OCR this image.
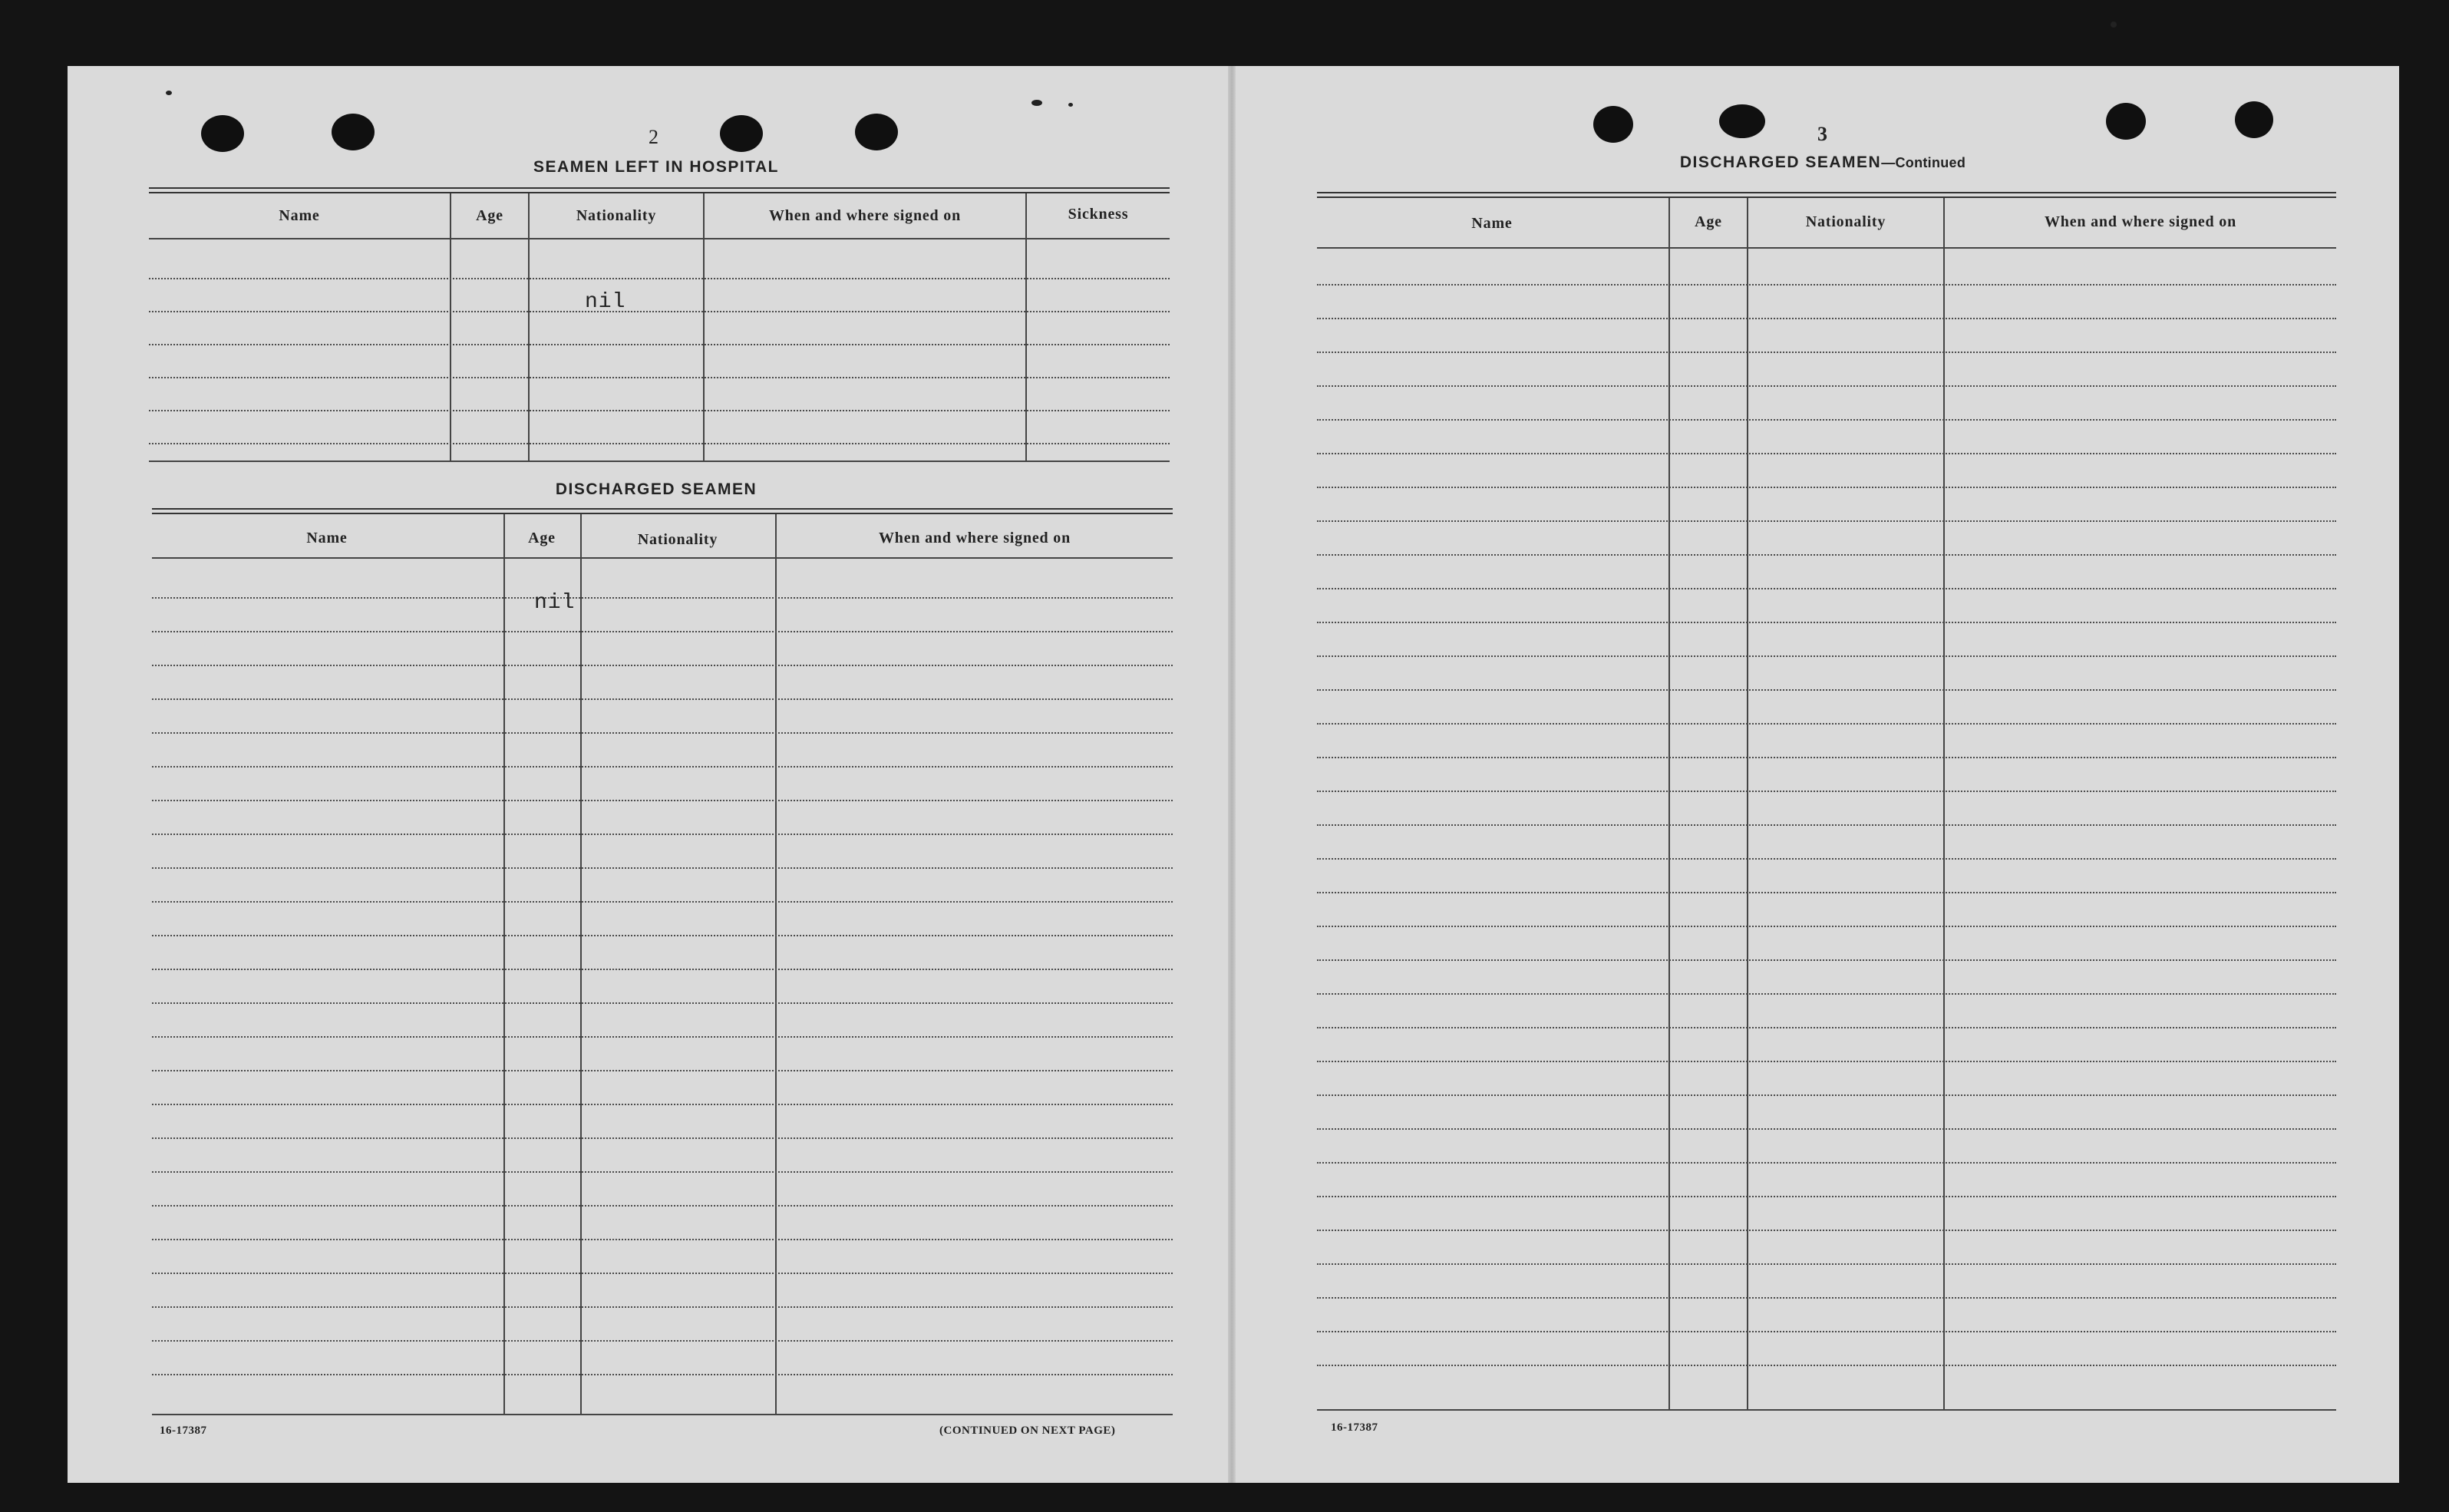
2
SEAMEN LEFT IN HOSPITAL
Name	Age	Nationality	When and where signed on	Sickness
nil
DISCHARGED SEAMEN
Name	Age	Nationality	When and where signed on
nil
16-17387	(CONTINUED ON NEXT PAGE)
3
DISCHARGED SEAMEN—Continued
Name	Age	Nationality	When and where signed on
16-17387
